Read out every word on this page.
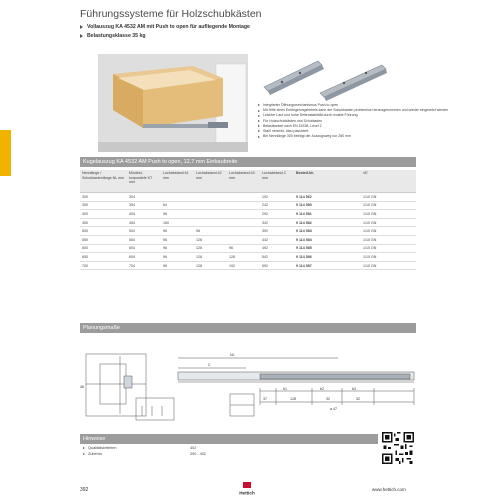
Führungssysteme für Holzschubkästen
Vollauszug KA 4532 AM mit Push to open für aufliegende Montage
Belastungsklasse 35 kg
Integrierter Öffnungsmechanismus Push to open
Mit Hilfe eines Entriegelungshebels kann der Schubkasten problemlos herausgenommen und wieder eingesetzt werden
Leichter Lauf und hohe Seitenstabilität durch exakte Führung
Für Holzschubkästen und Schubladen
Belastbarkeit nach EN 15338, Level 2
Stahl verzinkt, blau passiviert
Bei Nennlänge 300 beträgt der Auszugsweg nur 280 mm
Kugelauszug KA 4532 AM Push to open, 12,7 mm Einbaubreite
Nennlänge / Schubkastenlänge NL mm	Mindest-korpustiefe KT mm	Lochabstand b1 mm	Lochabstand b2 mm	Lochabstand b3 mm	Lochabstand C mm	Bestell-Nr.	VE
300	304				192	9 114 562	1/10 GN
350	354	64			242	9 114 580	1/10 GN
400	404	96			292	9 114 581	1/10 GN
450	454	160			342	9 114 582	1/10 GN
500	504	96	96		392	9 114 583	1/10 GN
550	554	96	128		442	9 114 584	1/10 GN
600	604	96	128	96	492	9 114 585	1/10 GN
650	654	96	128	128	542	9 114 586	1/10 GN
700	704	96	128	192	592	9 114 587	1/10 GN
Planungsmaße
NL
C
b1	b2	b3
a 47
37	128	32	32
46
Hinweise
Qualitätskriterien	402
Zubehör	290 - 402
392	Hettich
www.hettich.com
